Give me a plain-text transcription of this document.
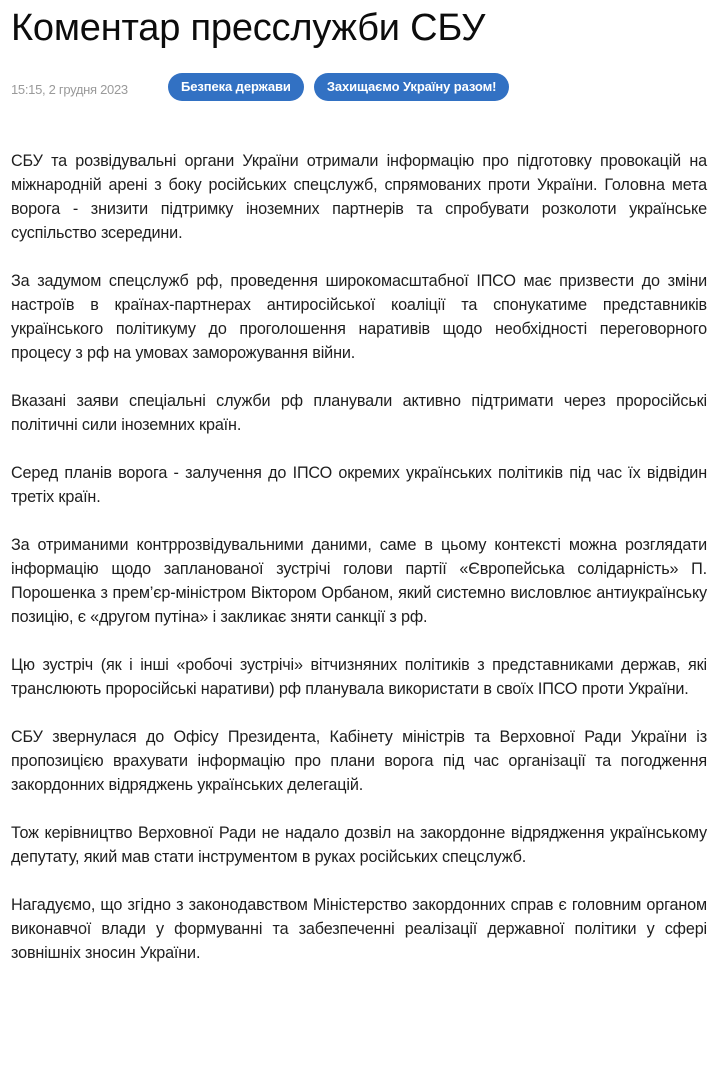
Коментар пресслужби СБУ
15:15, 2 грудня 2023	Безпека держави	Захищаємо Україну разом!

СБУ та розвідувальні органи України отримали інформацію про підготовку провокацій на міжнародній арені з боку російських спецслужб, спрямованих проти України. Головна мета ворога - знизити підтримку іноземних партнерів та спробувати розколоти українське суспільство зсередини.

За задумом спецслужб рф, проведення широкомасштабної ІПСО має призвести до зміни настроїв в країнах-партнерах антиросійської коаліції та спонукатиме представників українського політикуму до проголошення наративів щодо необхідності переговорного процесу з рф на умовах заморожування війни.

Вказані заяви спеціальні служби рф планували активно підтримати через проросійські політичні сили іноземних країн.

Серед планів ворога - залучення до ІПСО окремих українських політиків під час їх відвідин третіх країн.

За отриманими контррозвідувальними даними, саме в цьому контексті можна розглядати інформацію щодо запланованої зустрічі голови партії «Європейська солідарність» П. Порошенка з прем’єр-міністром Віктором Орбаном, який системно висловлює антиукраїнську позицію, є «другом путіна» і закликає зняти санкції з рф.

Цю зустріч (як і інші «робочі зустрічі» вітчизняних політиків з представниками держав, які транслюють проросійські наративи) рф планувала використати в своїх ІПСО проти України.

СБУ звернулася до Офісу Президента, Кабінету міністрів та Верховної Ради України із пропозицією врахувати інформацію про плани ворога під час організації та погодження закордонних відряджень українських делегацій.

Тож керівництво Верховної Ради не надало дозвіл на закордонне відрядження українському депутату, який мав стати інструментом в руках російських спецслужб.

Нагадуємо, що згідно з законодавством Міністерство закордонних справ є головним органом виконавчої влади у формуванні та забезпеченні реалізації державної політики у сфері зовнішніх зносин України.
